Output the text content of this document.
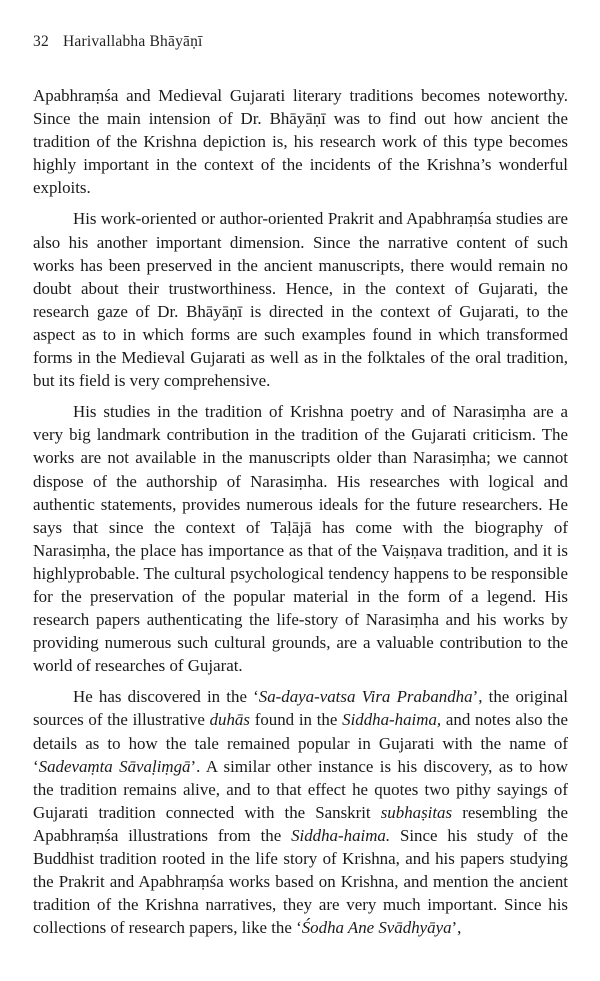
32 Harivallabha Bhāyāṇī

Apabhraṃśa and Medieval Gujarati literary traditions becomes noteworthy. Since the main intension of Dr. Bhāyāṇī was to find out how ancient the tradition of the Krishna depiction is, his research work of this type becomes highly important in the context of the incidents of the Krishna’s wonderful exploits.

His work-oriented or author-oriented Prakrit and Apabhraṃśa studies are also his another important dimension. Since the narrative content of such works has been preserved in the ancient manuscripts, there would remain no doubt about their trustworthiness. Hence, in the context of Gujarati, the research gaze of Dr. Bhāyāṇī is directed in the context of Gujarati, to the aspect as to in which forms are such examples found in which transformed forms in the Medieval Gujarati as well as in the folktales of the oral tradition, but its field is very comprehensive.

His studies in the tradition of Krishna poetry and of Narasiṃha are a very big landmark contribution in the tradition of the Gujarati criticism. The works are not available in the manuscripts older than Narasiṃha; we cannot dispose of the authorship of Narasiṃha. His researches with logical and authentic statements, provides numerous ideals for the future researchers. He says that since the context of Taḷājā has come with the biography of Narasiṃha, the place has importance as that of the Vaiṣṇava tradition, and it is highlyprobable. The cultural psychological tendency happens to be responsible for the preservation of the popular material in the form of a legend. His research papers authenticating the life-story of Narasiṃha and his works by providing numerous such cultural grounds, are a valuable contribution to the world of researches of Gujarat.

He has discovered in the ‘Sa-daya-vatsa Vira Prabandha’, the original sources of the illustrative duhās found in the Siddha-haima, and notes also the details as to how the tale remained popular in Gujarati with the name of ‘Sadevaṃta Sāvaḷiṃgā’. A similar other instance is his discovery, as to how the tradition remains alive, and to that effect he quotes two pithy sayings of Gujarati tradition connected with the Sanskrit subhaṣitas resembling the Apabhraṃśa illustrations from the Siddha-haima. Since his study of the Buddhist tradition rooted in the life story of Krishna, and his papers studying the Prakrit and Apabhraṃśa works based on Krishna, and mention the ancient tradition of the Krishna narratives, they are very much important. Since his collections of research papers, like the ‘Śodha Ane Svādhyāya’,
